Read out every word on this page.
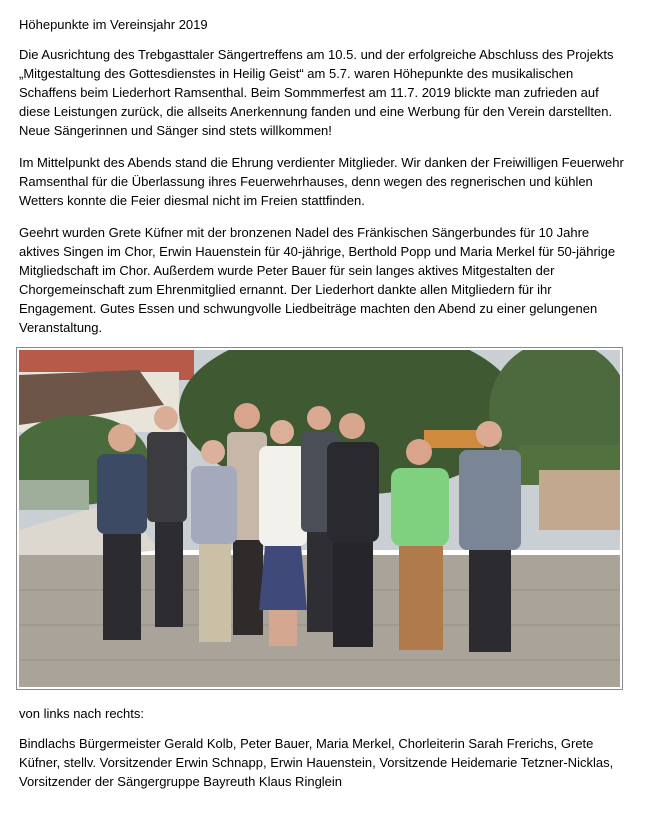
Höhepunkte im Vereinsjahr 2019

Die Ausrichtung des Trebgasttaler Sängertreffens am 10.5. und der erfolgreiche Abschluss des Projekts „Mitgestaltung des Gottesdienstes in Heilig Geist“ am 5.7. waren Höhepunkte des musikalischen Schaffens beim Liederhort Ramsenthal. Beim Sommmerfest am 11.7. 2019 blickte man zufrieden auf diese Leistungen zurück, die allseits Anerkennung fanden und eine Werbung für den Verein darstellten. Neue Sängerinnen und Sänger sind stets willkommen!

Im Mittelpunkt des Abends stand die Ehrung verdienter Mitglieder. Wir danken der Freiwilligen Feuerwehr Ramsenthal für die Überlassung ihres Feuerwehrhauses, denn wegen des regnerischen und kühlen Wetters konnte die Feier diesmal nicht im Freien stattfinden.

Geehrt wurden Grete Küfner mit der bronzenen Nadel des Fränkischen Sängerbundes für 10 Jahre aktives Singen im Chor, Erwin Hauenstein für 40-jährige, Berthold Popp und Maria Merkel für 50-jährige Mitgliedschaft im Chor. Außerdem wurde Peter Bauer für sein langes aktives Mitgestalten der Chorgemeinschaft zum Ehrenmitglied ernannt. Der Liederhort dankte allen Mitgliedern für ihr Engagement. Gutes Essen und schwungvolle Liedbeiträge machten den Abend zu einer gelungenen Veranstaltung.

von links nach rechts:

Bindlachs Bürgermeister Gerald Kolb, Peter Bauer, Maria Merkel, Chorleiterin Sarah Frerichs, Grete Küfner, stellv. Vorsitzender Erwin Schnapp, Erwin Hauenstein, Vorsitzende Heidemarie Tetzner-Nicklas, Vorsitzender der Sängergruppe Bayreuth Klaus Ringlein
